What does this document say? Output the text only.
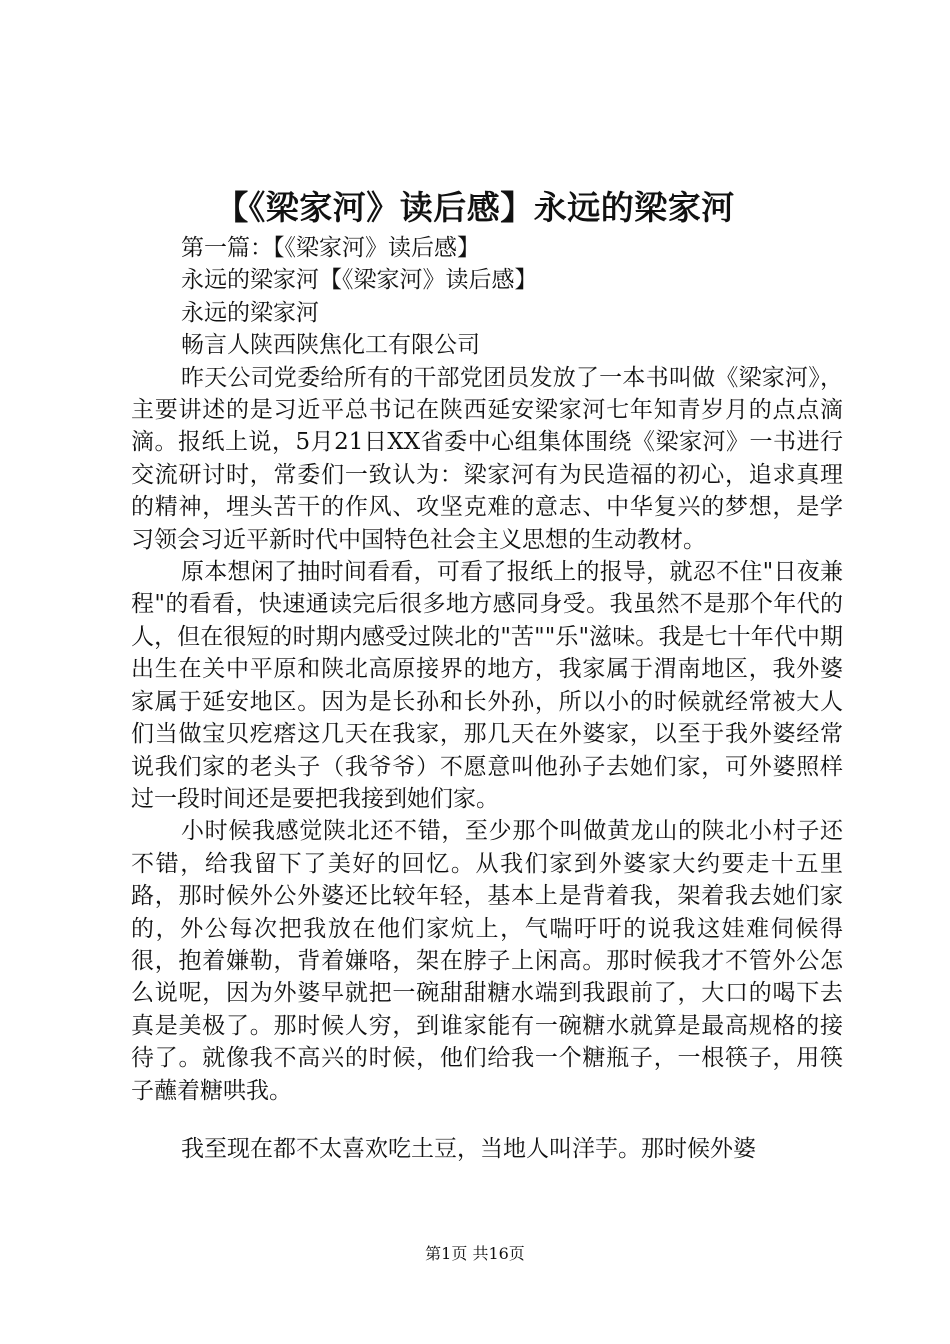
【《梁家河》读后感】永远的梁家河

第一篇：【《梁家河》读后感】

永远的梁家河【《梁家河》读后感】

永远的梁家河

畅言人陕西陕焦化工有限公司

昨天公司党委给所有的干部党团员发放了一本书叫做《梁家河》，主要讲述的是习近平总书记在陕西延安梁家河七年知青岁月的点点滴滴。报纸上说，5月21日XX省委中心组集体围绕《梁家河》一书进行交流研讨时，常委们一致认为：梁家河有为民造福的初心，追求真理的精神，埋头苦干的作风、攻坚克难的意志、中华复兴的梦想，是学习领会习近平新时代中国特色社会主义思想的生动教材。

原本想闲了抽时间看看，可看了报纸上的报导，就忍不住"日夜兼程"的看看，快速通读完后很多地方感同身受。我虽然不是那个年代的人，但在很短的时期内感受过陕北的"苦""乐"滋味。我是七十年代中期出生在关中平原和陕北高原接界的地方，我家属于渭南地区，我外婆家属于延安地区。因为是长孙和长外孙，所以小的时候就经常被大人们当做宝贝疙瘩这几天在我家，那几天在外婆家，以至于我外婆经常说我们家的老头子（我爷爷）不愿意叫他孙子去她们家，可外婆照样过一段时间还是要把我接到她们家。

小时候我感觉陕北还不错，至少那个叫做黄龙山的陕北小村子还不错，给我留下了美好的回忆。从我们家到外婆家大约要走十五里路，那时候外公外婆还比较年轻，基本上是背着我，架着我去她们家的，外公每次把我放在他们家炕上，气喘吁吁的说我这娃难伺候得很，抱着嫌勒，背着嫌咯，架在脖子上闲高。那时候我才不管外公怎么说呢，因为外婆早就把一碗甜甜糖水端到我跟前了，大口的喝下去真是美极了。那时候人穷，到谁家能有一碗糖水就算是最高规格的接待了。就像我不高兴的时候，他们给我一个糖瓶子，一根筷子，用筷子蘸着糖哄我。

我至现在都不太喜欢吃土豆，当地人叫洋芋。那时候外婆

第1页 共16页
